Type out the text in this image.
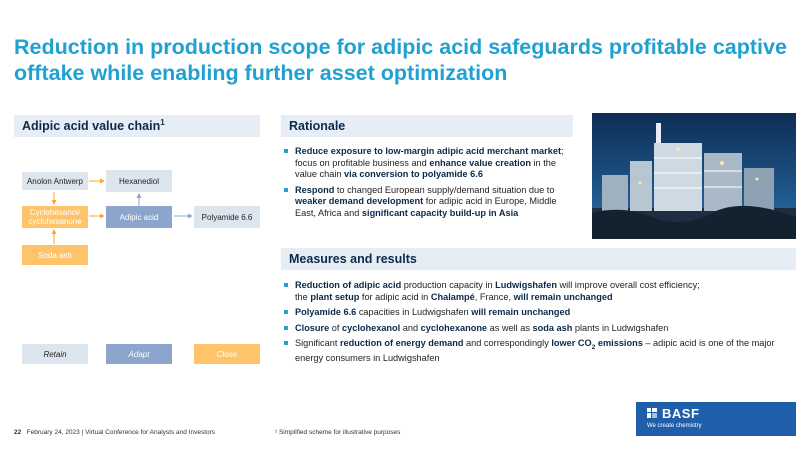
Reduction in production scope for adipic acid safeguards profitable captive offtake while enabling further asset optimization
Adipic acid value chain$^1$
Anolon Antwerp	Hexanediol
Cyclohexanol/
cyclohexanone	Adipic acid	Polyamide 6.6
Soda ash
Retain	Adapt	Close
Rationale
Reduce exposure to low-margin adipic acid merchant market; focus on profitable business and enhance value creation in the value chain via conversion to polyamide 6.6
Respond to changed European supply/demand situation due to weaker demand development for adipic acid in Europe, Middle East, Africa and significant capacity build-up in Asia
Measures and results
Reduction of adipic acid production capacity in Ludwigshafen will improve overall cost efficiency;
the plant setup for adipic acid in Chalampé, France, will remain unchanged
Polyamide 6.6 capacities in Ludwigshafen will remain unchanged
Closure of cyclohexanol and cyclohexanone as well as soda ash plants in Ludwigshafen
Significant reduction of energy demand and correspondingly lower $CO_2$ emissions – adipic acid is one of the major energy consumers in Ludwigshafen
22 February 24, 2023 | Virtual Conference for Analysts and Investors	¹ Simplified scheme for illustrative purposes
BASF
We create chemistry
